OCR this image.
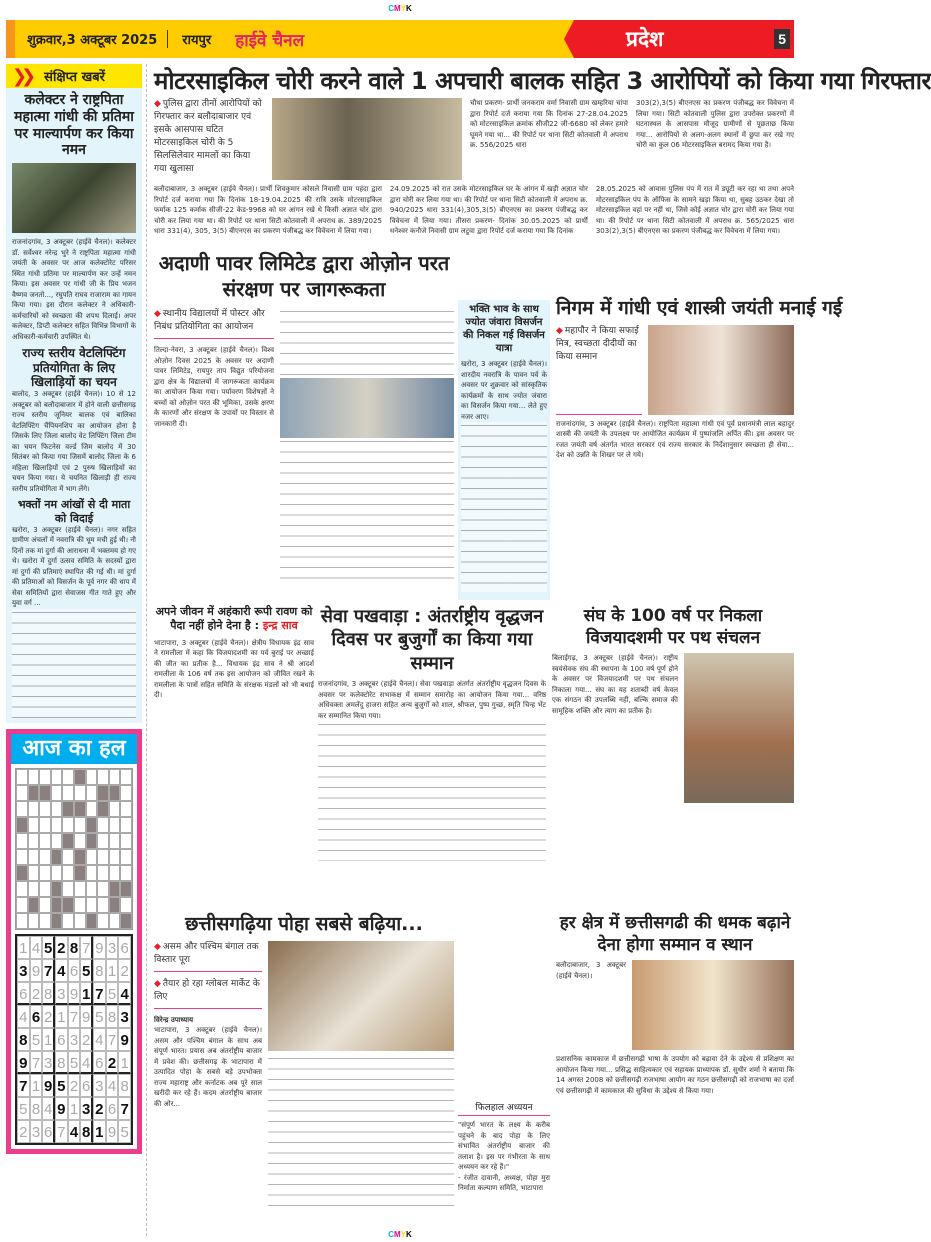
CMYK
शुक्रवार,3 अक्टूबर 2025	रायपुर हाईवे चैनल	प्रदेश	5
❯❯ संक्षिप्त खबरें
कलेक्टर ने राष्ट्रपिता महात्मा गांधी की प्रतिमा पर माल्यार्पण कर किया नमन

राजनांदगांव, 3 अक्टूबर (हाईवे चैनल)। कलेक्टर डॉ. सर्वेश्वर नरेन्द्र भुरे ने राष्ट्रपिता महात्मा गांधी जयंती के अवसर पर आज कलेक्टोरेट परिसर स्थित गांधी प्रतिमा पर माल्यार्पण कर उन्हें नमन किया। इस अवसर पर गांधी जी के प्रिय भजन वैष्णव जनतो..., रघुपति राघव राजाराम का गायन किया गया। इस दौरान कलेक्टर ने अधिकारी-कर्मचारियों को स्वच्छता की शपथ दिलाई। अपर कलेक्टर, डिप्टी कलेक्टर सहित विभिन्न विभागों के अधिकारी-कर्मचारी उपस्थित थे।

राज्य स्तरीय वेटलिफ्टिंग प्रतियोगिता के लिए खिलाड़ियों का चयन

बालोद, 3 अक्टूबर (हाईवे चैनल)। 10 से 12 अक्टूबर को बलौदाबाजार में होने वाली छत्तीसगढ़ राज्य स्तरीय जूनियर बालक एवं बालिका वेटलिफ्टिंग चैंपियनशिप का आयोजन होना है जिसके लिए जिला बालोद वेट लिफ्टिंग जिला टीम का चयन फिटनेस वर्ल्ड जिम बालोद में 30 सितंबर को किया गया जिसमें बालोद जिला के 6 महिला खिलाड़ियों एवं 2 पुरुष खिलाड़ियों का चयन किया गया। ये चयनित खिलाड़ी ही राज्य स्तरीय प्रतियोगिता में भाग लेंगे।

भक्तों नम आंखों से दी माता को विदाई

खरोरा, 3 अक्टूबर (हाईवे चैनल)। नगर सहित ग्रामीण अंचलों में नवरात्रि की धूम मची हुई थी। नौ दिनों तक मां दुर्गा की आराधना में भक्तमय हो गए थे। खरोरा में दुर्गा उत्सव समिति के सदस्यों द्वारा मां दुर्गा की प्रतिमाएं स्थापित की गई थी। मां दुर्गा की प्रतिमाओं को विसर्जन के पूर्व नगर की धाप में सेवा समितियों द्वारा सेवाजस गीत गाते हुए और युवा वर्ग ...

आज का हल
1 4 5 2 8 7 9 3 6
3 9 7 4 6 5 8 1 2
6 2 8 3 9 1 7 5 4
4 6 2 1 7 9 5 8 3
8 5 1 6 3 2 4 7 9
9 7 3 8 5 4 6 2 1
7 1 9 5 2 6 3 4 8
5 8 4 9 1 3 2 6 7
2 3 6 7 4 8 1 9 5
मोटरसाइकिल चोरी करने वाले 1 अपचारी बालक सहित 3 आरोपियों को किया गया गिरफ्तार

◆ पुलिस द्वारा तीनों आरोपियों को गिरफ्तार कर बलौदाबाजार एवं इसके आसपास घटित मोटरसाइकिल चोरी के 5 सिलसिलेवार मामलों का किया गया खुलासा

चौथा प्रकरण- प्रार्थी जनकराम वर्मा निवासी ग्राम खम्हरिया चांपा द्वारा रिपोर्ट दर्ज कराया गया कि दिनांक 27-28.04.2025 को मोटरसाइकिल क्रमांक सीजी22 जी-6680 को लेकर हमारे घूमने गया था... की रिपोर्ट पर थाना सिटी कोतवाली में अपराध क्र. 556/2025 धारा

303(2),3(5) बीएनएस का प्रकरण पंजीबद्ध कर विवेचना में लिया गया। सिटी कोतवाली पुलिस द्वारा उपरोक्त प्रकरणों में घटनास्थल के आसपास मौजूद ग्रामीणों से पूछताछ किया गया... आरोपियों से अलग-अलग स्थानों में छुपा कर रखे गए चोरी का कुल 06 मोटरसाइकिल बरामद किया गया है।

बलौदाबाजार, 3 अक्टूबर (हाईवे चैनल)। प्रार्थी शिवकुमार कोसले निवासी ग्राम पहंदा द्वारा रिपोर्ट दर्ज कराया गया कि दिनांक 18-19.04.2025 की रात्रि उसके मोटरसाइकिल फर्माक 125 कर्माक सीजी-22 केड-9968 को घर आंगन रखे थे किसी अज्ञात चोर द्वारा चोरी कर लिया गया था। की रिपोर्ट पर थाना सिटी कोतवाली में अपराध क्र. 389/2025 धारा 331(4), 305, 3(5) बीएनएस का प्रकरण पंजीबद्ध कर विवेचना में लिया गया।

24.09.2025 को रात उसके मोटरसाइकिल घर के आंगन में खड़ी अज्ञात चोर द्वारा चोरी कर लिया गया था। की रिपोर्ट पर थाना सिटी कोतवाली में अपराध क्र. 940/2025 धारा 331(4),305,3(5) बीएनएस का प्रकरण पंजीबद्ध कर विवेचना में लिया गया। तीसरा प्रकरण- दिनांक 30.05.2025 को प्रार्थी धनेश्वर कनौजे निवासी ग्राम लटुवा द्वारा रिपोर्ट दर्ज कराया गया कि दिनांक

28.05.2025 को आवास पुलिस पंप में रात में ड्यूटी कर रहा था तथा अपने मोटरसाइकिल पंप के ऑफिस के सामने खड़ा किया था, सुबह उठकर देखा तो मोटरसाइकिल वहां पर नहीं था, जिसे कोई अज्ञात चोर द्वारा चोरी कर लिया गया था। की रिपोर्ट पर थाना सिटी कोतवाली में अपराध क्र. 565/2025 धारा 303(2),3(5) बीएनएस का प्रकरण पंजीबद्ध कर विवेचना में लिया गया।

अदाणी पावर लिमिटेड द्वारा ओज़ोन परत संरक्षण पर जागरूकता

◆ स्थानीय विद्यालयों में पोस्टर और निबंध प्रतियोगिता का आयोजन

तिल्दा-नेवरा, 3 अक्टूबर (हाईवे चैनल)। विश्व ओज़ोन दिवस 2025 के अवसर पर अदाणी पावर लिमिटेड, रायपुर ताप विद्युत परियोजना द्वारा क्षेत्र के विद्यालयों में जागरूकता कार्यक्रम का आयोजन किया गया। पर्यावरण विशेषज्ञों ने बच्चों को ओज़ोन परत की भूमिका, उसके क्षरण के कारणों और संरक्षण के उपायों पर विस्तार से जानकारी दी।

भक्ति भाव के साथ ज्योत जंवारा विसर्जन की निकल गई विसर्जन यात्रा

खरोरा, 3 अक्टूबर (हाईवे चैनल)। शारदीय नवरात्रि के पावन पर्व के अवसर पर शुक्रवार को सांस्कृतिक कार्यक्रमों के साथ ज्योत जंवारा का विसर्जन किया गया... लेते हुए नजर आए।

निगम में गांधी एवं शास्त्री जयंती मनाई गई

◆ महापौर ने किया सफाई मित्र, स्वच्छता दीदीयों का किया सम्मान

राजनांदगांव, 3 अक्टूबर (हाईवे चैनल)। राष्ट्रपिता महात्मा गांधी एवं पूर्व प्रधानमंत्री लाल बहादुर शास्त्री की जयंती के उपलक्ष्य पर आयोजित कार्यक्रम में पुष्पांजलि अर्पित की। इस अवसर पर रजत जयंती वर्ष अंतर्गत भारत सरकार एवं राज्य सरकार के निर्देशानुसार स्वच्छता ही सेवा... देश को उन्नति के शिखर पर ले गये।

अपने जीवन में अहंकारी रूपी रावण को पैदा नहीं होने देना है : इन्द्र साव

भाटापारा, 3 अक्टूबर (हाईवे चैनल)। क्षेत्रीय विधायक इंद्र साव ने रामलीला में कहा कि विजयादशमी का पर्व बुराई पर अच्छाई की जीत का प्रतीक है... विधायक इंद्र साव ने श्री आदर्श रामलीला के 106 वर्ष तक इस आयोजन को जीवित रखने के रामलीला के पात्रों सहित समिति के संरक्षक मंडलों को भी बधाई दी।

सेवा पखवाड़ा : अंतर्राष्ट्रीय वृद्धजन दिवस पर बुजुर्गों का किया गया सम्मान

राजनांदगांव, 3 अक्टूबर (हाईवे चैनल)। सेवा पखवाड़ा अंतर्गत अंतर्राष्ट्रीय वृद्धजन दिवस के अवसर पर कलेक्टोरेट सभाकक्ष में सम्मान समारोह का आयोजन किया गया... वरिष्ठ अधिवक्ता अमलेंदु हाजरा सहित अन्य बुजुर्गों को शाल, श्रीफल, पुष्प गुच्छ, स्मृति चिन्ह भेंट कर सम्मानित किया गया।

संघ के 100 वर्ष पर निकला विजयादशमी पर पथ संचलन

बिलाईगढ़, 3 अक्टूबर (हाईवे चैनल)। राष्ट्रीय स्वयंसेवक संघ की स्थापना के 100 वर्ष पूर्ण होने के अवसर पर विजयादशमी पर पथ संचलन निकाला गया... संघ का यह शताब्दी वर्ष केवल एक संगठन की उपलब्धि नहीं, बल्कि समाज की सामूहिक शक्ति और त्याग का प्रतीक है।

छत्तीसगढ़िया पोहा सबसे बढ़िया...

◆ असम और पश्चिम बंगाल तक विस्तार पूरा

◆ तैयार हो रहा ग्लोबल मार्केट के लिए

विरेन्द्र उपाध्याय

भाटापारा, 3 अक्टूबर (हाईवे चैनल)। असम और पश्चिम बंगाल के साथ अब संपूर्ण भारत। प्रयास अब अंतर्राष्ट्रीय बाजार में प्रवेश की। छत्तीसगढ़ के भाटापारा में उत्पादित पोहा के सबसे बड़े उपभोक्ता राज्य महाराष्ट्र और कर्नाटक अब पूरे साल खरीदी कर रहे हैं। कदम अंतर्राष्ट्रीय बाजार की ओर...	फिलहाल अध्ययन

"संपूर्ण भारत के लक्ष्य के करीब पहुंचने के बाद पोहा के लिए संभावित अंतर्राष्ट्रीय बाजार की तलाश है। इस पर गंभीरता के साथ अध्ययन कर रहे हैं।"

- रंजीत दावानी, अध्यक्ष, पोहा मुरा निर्माता कल्याण समिति, भाटापारा

हर क्षेत्र में छत्तीसगढी की धमक बढ़ाने देना होगा सम्मान व स्थान

बलौदाबाजार, 3 अक्टूबर (हाईवे चैनल)।

प्रशासनिक कामकाज में छत्तीसगढ़ी भाषा के उपयोग को बढ़ावा देने के उद्देश्य से प्रशिक्षण का आयोजन किया गया... प्रसिद्ध साहित्यकार एवं सहायक प्राध्यापक डॉ. सुधीर शर्मा ने बताया कि 14 अगस्त 2008 को छत्तीसगढ़ी राजभाषा आयोग का गठन छत्तीसगढ़ी को राजभाषा का दर्जा एवं छत्तीसगढ़ी में कामकाज की सुविधा के उद्देश्य से किया गया।

CMYK
